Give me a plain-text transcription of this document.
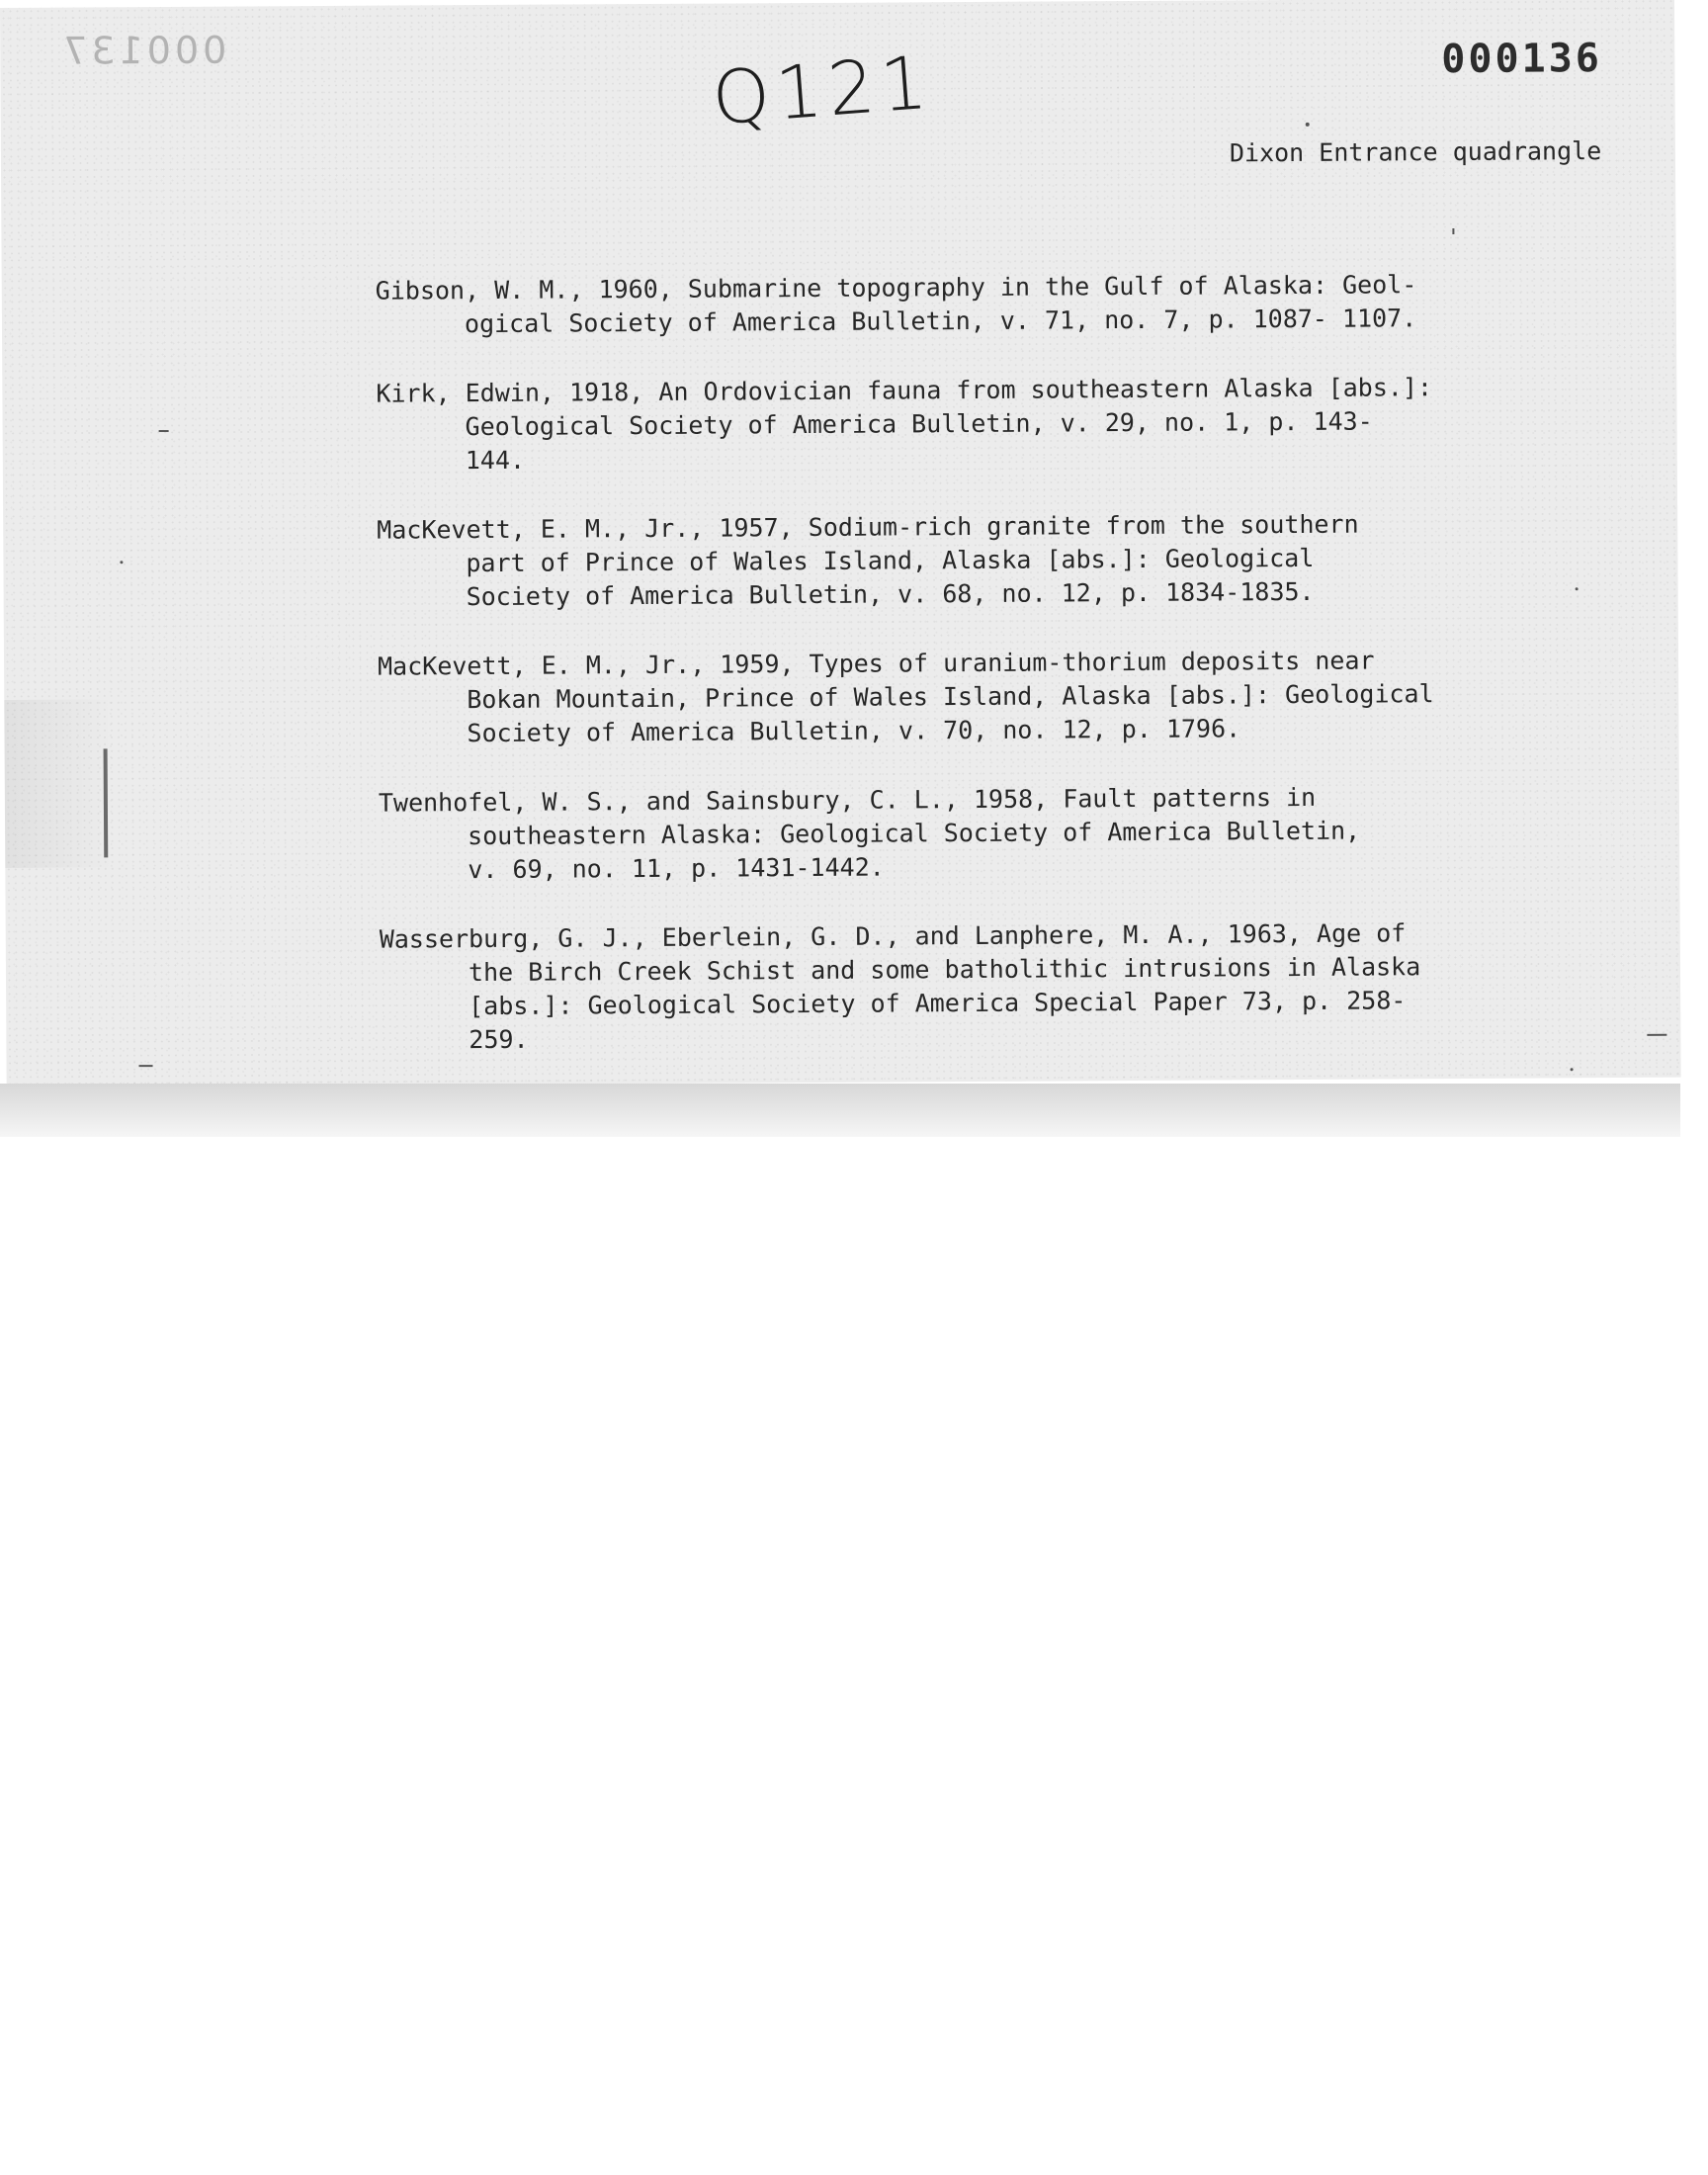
000137	Q121	000136
Dixon Entrance quadrangle
Gibson, W. M., 1960, Submarine topography in the Gulf of Alaska: Geol-
ogical Society of America Bulletin, v. 71, no. 7, p. 1087- 1107.
Kirk, Edwin, 1918, An Ordovician fauna from southeastern Alaska [abs.]:
Geological Society of America Bulletin, v. 29, no. 1, p. 143-
144.
MacKevett, E. M., Jr., 1957, Sodium-rich granite from the southern
part of Prince of Wales Island, Alaska [abs.]: Geological
Society of America Bulletin, v. 68, no. 12, p. 1834-1835.
MacKevett, E. M., Jr., 1959, Types of uranium-thorium deposits near
Bokan Mountain, Prince of Wales Island, Alaska [abs.]: Geological
Society of America Bulletin, v. 70, no. 12, p. 1796.
Twenhofel, W. S., and Sainsbury, C. L., 1958, Fault patterns in
southeastern Alaska: Geological Society of America Bulletin,
v. 69, no. 11, p. 1431-1442.
Wasserburg, G. J., Eberlein, G. D., and Lanphere, M. A., 1963, Age of
the Birch Creek Schist and some batholithic intrusions in Alaska
[abs.]: Geological Society of America Special Paper 73, p. 258-
259.
